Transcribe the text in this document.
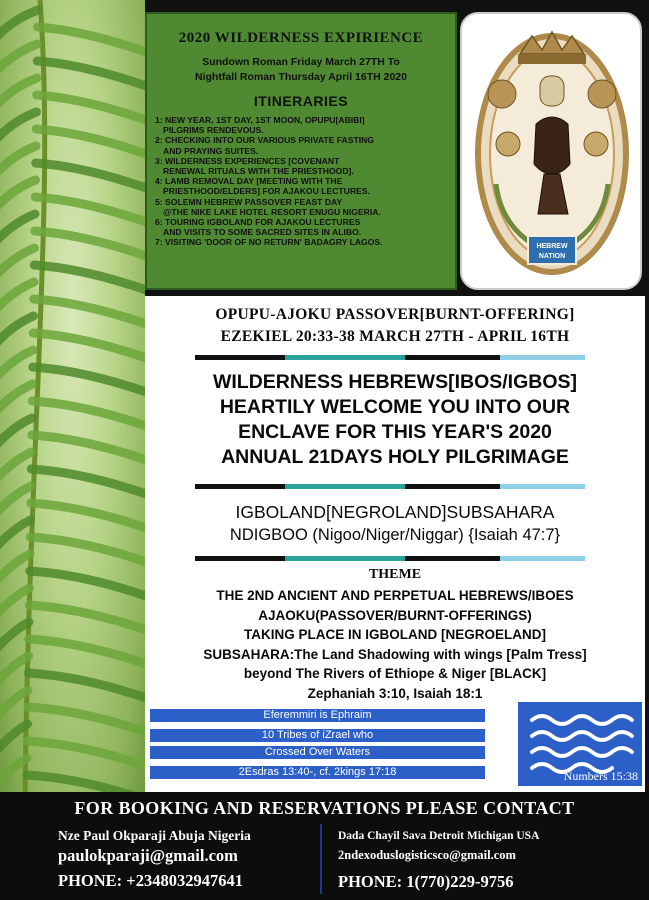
2020 WILDERNESS EXPIRIENCE
Sundown Roman Friday March 27TH To
Nightfall Roman Thursday April 16TH 2020
ITINERARIES
1: NEW YEAR, 1ST DAY, 1ST MOON, OPUPU[ABIBI]
PILGRIMS RENDEVOUS.
2: CHECKING INTO OUR VARIOUS PRIVATE FASTING
AND PRAYING SUITES.
3: WILDERNESS EXPERIENCES [COVENANT
RENEWAL RITUALS WITH THE PRIESTHOOD].
4: LAMB REMOVAL DAY [MEETING WITH THE
PRIESTHOOD/ELDERS] FOR AJAKOU LECTURES.
5: SOLEMN HEBREW PASSOVER FEAST DAY
@THE NIKE LAKE HOTEL RESORT ENUGU NIGERIA.
6: TOURING IGBOLAND FOR AJAKOU LECTURES
AND VISITS TO SOME SACRED SITES IN ALIBO.
7: VISITING 'DOOR OF NO RETURN' BADAGRY LAGOS.	HEBREW
NATION
OPUPU-AJOKU PASSOVER[BURNT-OFFERING]
EZEKIEL 20:33-38 MARCH 27TH - APRIL 16TH
WILDERNESS HEBREWS[IBOS/IGBOS]
HEARTILY WELCOME YOU INTO OUR
ENCLAVE FOR THIS YEAR'S 2020
ANNUAL 21DAYS HOLY PILGRIMAGE
IGBOLAND[NEGROLAND]SUBSAHARA
NDIGBOO (Nigoo/Niger/Niggar) {Isaiah 47:7}
THEME
THE 2ND ANCIENT AND PERPETUAL HEBREWS/IBOES
AJAOKU(PASSOVER/BURNT-OFFERINGS)
TAKING PLACE IN IGBOLAND [NEGROELAND]
SUBSAHARA:The Land Shadowing with wings [Palm Tress]
beyond The Rivers of Ethiope & Niger [BLACK]
Zephaniah 3:10, Isaiah 18:1
Eferemmiri is Ephraim
10 Tribes of iZrael who
Crossed Over Waters
2Esdras 13:40-, cf. 2kings 17:18	Numbers 15:38
FOR BOOKING AND RESERVATIONS PLEASE CONTACT
Nze Paul Okparaji Abuja Nigeria
paulokparaji@gmail.com
PHONE: +2348032947641
Dada Chayil Sava Detroit Michigan USA
2ndexoduslogisticsco@gmail.com
PHONE: 1(770)229-9756
